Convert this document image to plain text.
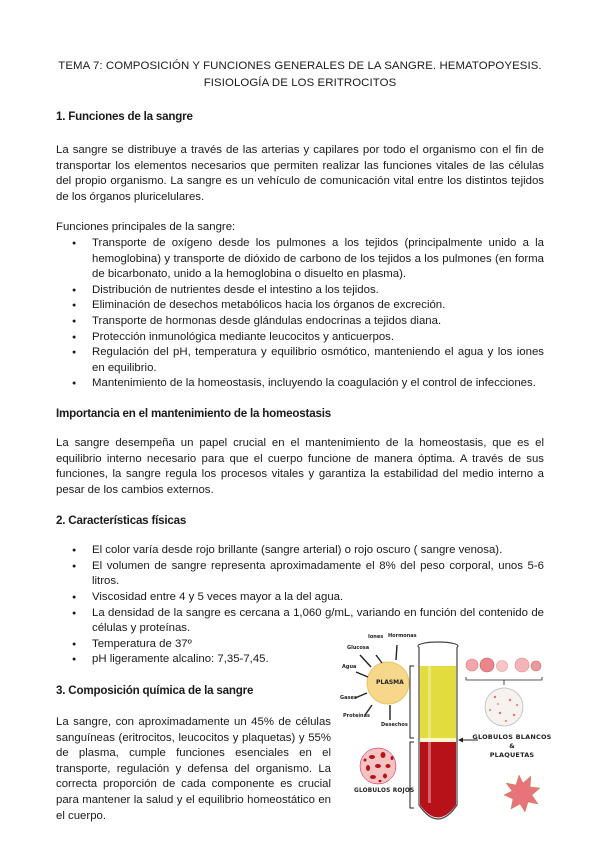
TEMA 7: COMPOSICIÓN Y FUNCIONES GENERALES DE LA SANGRE. HEMATOPOYESIS.

FISIOLOGÍA DE LOS ERITROCITOS

1. Funciones de la sangre

La sangre se distribuye a través de las arterias y capilares por todo el organismo con el fin de transportar los elementos necesarios que permiten realizar las funciones vitales de las células del propio organismo. La sangre es un vehículo de comunicación vital entre los distintos tejidos de los órganos pluricelulares.

Funciones principales de la sangre:

● Transporte de oxígeno desde los pulmones a los tejidos (principalmente unido a la hemoglobina) y transporte de dióxido de carbono de los tejidos a los pulmones (en forma de bicarbonato, unido a la hemoglobina o disuelto en plasma).
● Distribución de nutrientes desde el intestino a los tejidos.
● Eliminación de desechos metabólicos hacia los órganos de excreción.
● Transporte de hormonas desde glándulas endocrinas a tejidos diana.
● Protección inmunológica mediante leucocitos y anticuerpos.
● Regulación del pH, temperatura y equilibrio osmótico, manteniendo el agua y los iones en equilibrio.
● Mantenimiento de la homeostasis, incluyendo la coagulación y el control de infecciones.
Importancia en el mantenimiento de la homeostasis

La sangre desempeña un papel crucial en el mantenimiento de la homeostasis, que es el equilibrio interno necesario para que el cuerpo funcione de manera óptima. A través de sus funciones, la sangre regula los procesos vitales y garantiza la estabilidad del medio interno a pesar de los cambios externos.

2. Características físicas
● El color varía desde rojo brillante (sangre arterial) o rojo oscuro ( sangre venosa).
● El volumen de sangre representa aproximadamente el 8% del peso corporal, unos 5-6 litros.
● Viscosidad entre 4 y 5 veces mayor a la del agua.
● La densidad de la sangre es cercana a 1,060 g/mL, variando en función del contenido de células y proteínas.
● Temperatura de 37º
● pH ligeramente alcalino: 7,35-7,45.
3. Composición química de la sangre

La sangre, con aproximadamente un 45% de células sanguíneas (eritrocitos, leucocitos y plaquetas) y 55% de plasma, cumple funciones esenciales en el transporte, regulación y defensa del organismo. La correcta proporción de cada componente es crucial para mantener la salud y el equilibrio homeostático en el cuerpo.

PLASMA
Iones Hormonas
Glucosa
Agua
Gases
Proteínas
Desechos
GLOBULOS BLANCOS
&
PLAQUETAS
GLOBULOS ROJOS
